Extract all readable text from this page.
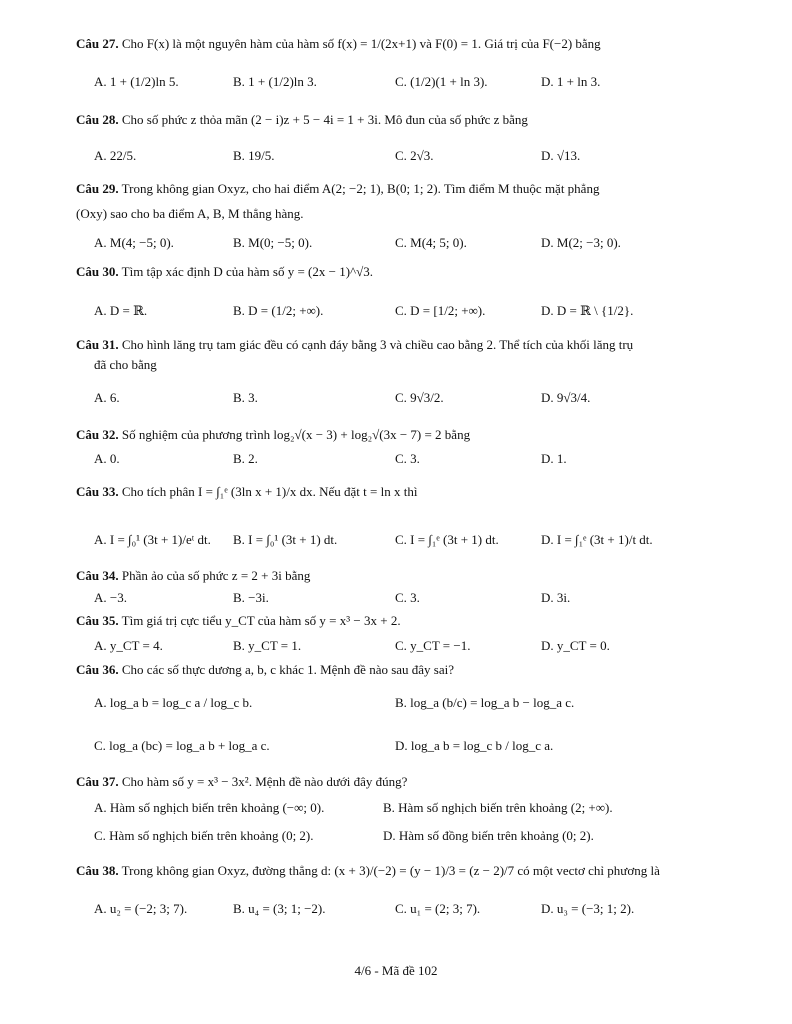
Câu 27. Cho F(x) là một nguyên hàm của hàm số f(x) = 1/(2x+1) và F(0) = 1. Giá trị của F(−2) bằng
A. 1 + (1/2)ln 5.	B. 1 + (1/2)ln 3.	C. (1/2)(1 + ln 3).	D. 1 + ln 3.
Câu 28. Cho số phức z thỏa mãn (2 − i)z + 5 − 4i = 1 + 3i. Mô đun của số phức z bằng
A. 22/5.	B. 19/5.	C. 2√3.	D. √13.
Câu 29. Trong không gian Oxyz, cho hai điểm A(2; −2; 1), B(0; 1; 2). Tìm điểm M thuộc mặt phẳng
(Oxy) sao cho ba điểm A, B, M thẳng hàng.
A. M(4; −5; 0).	B. M(0; −5; 0).	C. M(4; 5; 0).	D. M(2; −3; 0).
Câu 30. Tìm tập xác định D của hàm số y = (2x − 1)^√3.
A. D = ℝ.	B. D = (1/2; +∞).	C. D = [1/2; +∞).	D. D = ℝ \ {1/2}.
Câu 31. Cho hình lăng trụ tam giác đều có cạnh đáy bằng 3 và chiều cao bằng 2. Thể tích của khối lăng trụ
đã cho bằng
A. 6.	B. 3.	C. 9√3/2.	D. 9√3/4.
Câu 32. Số nghiệm của phương trình log₂√(x − 3) + log₂√(3x − 7) = 2 bằng
A. 0.	B. 2.	C. 3.	D. 1.
Câu 33. Cho tích phân I = ∫₁ᵉ (3ln x + 1)/x dx. Nếu đặt t = ln x thì
A. I = ∫₀¹ (3t + 1)/eᵗ dt. B. I = ∫₀¹ (3t + 1) dt.	C. I = ∫₁ᵉ (3t + 1) dt.	D. I = ∫₁ᵉ (3t + 1)/t dt.
Câu 34. Phần ảo của số phức z = 2 + 3i bằng
A. −3.	B. −3i.	C. 3.	D. 3i.
Câu 35. Tìm giá trị cực tiểu y_CT của hàm số y = x³ − 3x + 2.
A. y_CT = 4.	B. y_CT = 1.	C. y_CT = −1.	D. y_CT = 0.
Câu 36. Cho các số thực dương a, b, c khác 1. Mệnh đề nào sau đây sai?
A. log_a b = log_c a / log_c b.	B. log_a (b/c) = log_a b − log_a c.
C. log_a (bc) = log_a b + log_a c.	D. log_a b = log_c b / log_c a.
Câu 37. Cho hàm số y = x³ − 3x². Mệnh đề nào dưới đây đúng?
A. Hàm số nghịch biến trên khoảng (−∞; 0).	B. Hàm số nghịch biến trên khoảng (2; +∞).
C. Hàm số nghịch biến trên khoảng (0; 2).	D. Hàm số đồng biến trên khoảng (0; 2).
Câu 38. Trong không gian Oxyz, đường thẳng d: (x + 3)/(−2) = (y − 1)/3 = (z − 2)/7 có một vectơ chỉ phương là
A. u₂ = (−2; 3; 7).	B. u₄ = (3; 1; −2).	C. u₁ = (2; 3; 7).	D. u₃ = (−3; 1; 2).
4/6 - Mã đề 102
